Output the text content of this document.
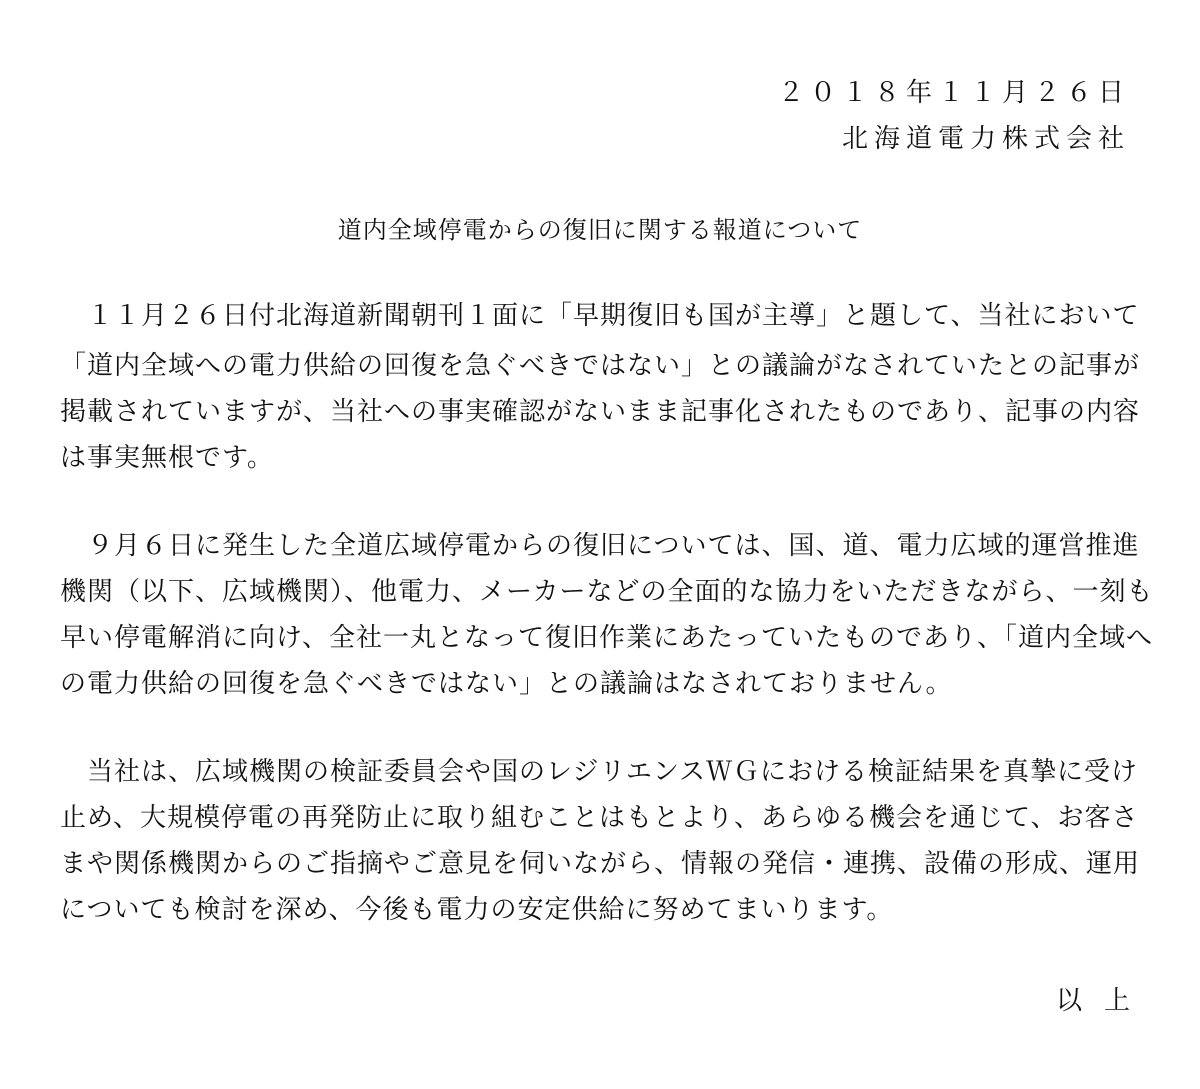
２０１８年１１月２６日
北海道電力株式会社
道内全域停電からの復旧に関する報道について
　１１月２６日付北海道新聞朝刊１面に「早期復旧も国が主導」と題して、当社において
「道内全域への電力供給の回復を急ぐべきではない」との議論がなされていたとの記事が
掲載されていますが、当社への事実確認がないまま記事化されたものであり、記事の内容
は事実無根です。
　９月６日に発生した全道広域停電からの復旧については、国、道、電力広域的運営推進
機関（以下、広域機関）、他電力、メーカーなどの全面的な協力をいただきながら、一刻も
早い停電解消に向け、全社一丸となって復旧作業にあたっていたものであり、「道内全域へ
の電力供給の回復を急ぐべきではない」との議論はなされておりません。
　当社は、広域機関の検証委員会や国のレジリエンスＷＧにおける検証結果を真摯に受け
止め、大規模停電の再発防止に取り組むことはもとより、あらゆる機会を通じて、お客さ
まや関係機関からのご指摘やご意見を伺いながら、情報の発信・連携、設備の形成、運用
についても検討を深め、今後も電力の安定供給に努めてまいります。
以上
